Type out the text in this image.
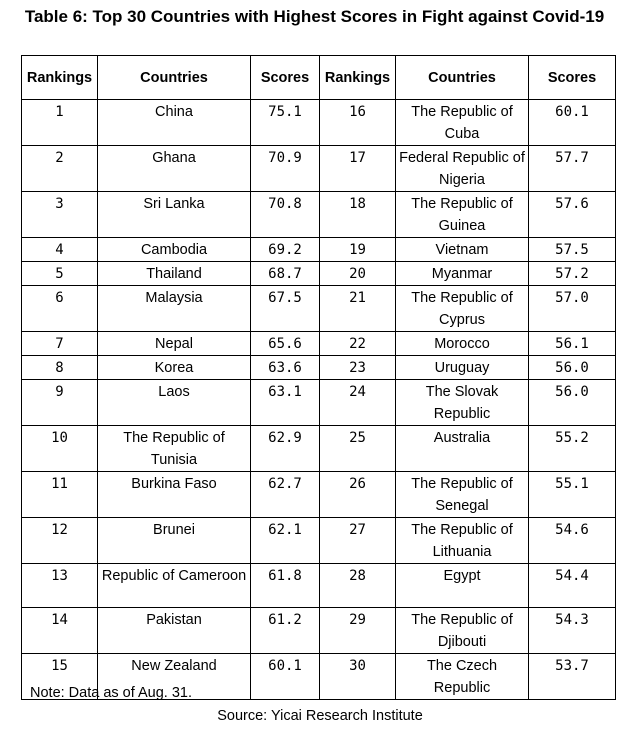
Table 6: Top 30 Countries with Highest Scores in Fight against Covid-19
Rankings	Countries	Scores	Rankings	Countries	Scores
1	China	75.1	16	The Republic of Cuba	60.1
2	Ghana	70.9	17	Federal Republic of Nigeria	57.7
3	Sri Lanka	70.8	18	The Republic of Guinea	57.6
4	Cambodia	69.2	19	Vietnam	57.5
5	Thailand	68.7	20	Myanmar	57.2
6	Malaysia	67.5	21	The Republic of Cyprus	57.0
7	Nepal	65.6	22	Morocco	56.1
8	Korea	63.6	23	Uruguay	56.0
9	Laos	63.1	24	The Slovak Republic	56.0
10	The Republic of Tunisia	62.9	25	Australia	55.2
11	Burkina Faso	62.7	26	The Republic of Senegal	55.1
12	Brunei	62.1	27	The Republic of Lithuania	54.6
13	Republic of Cameroon	61.8	28	Egypt	54.4
14	Pakistan	61.2	29	The Republic of Djibouti	54.3
15	New Zealand	60.1	30	The Czech Republic	53.7
Note: Data as of Aug. 31.
Source: Yicai Research Institute
